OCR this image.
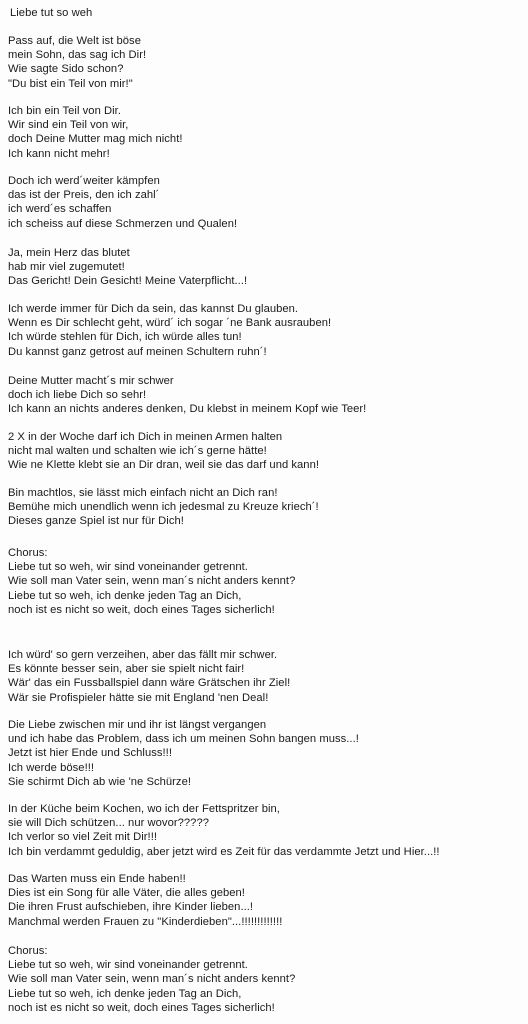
Liebe tut so weh
Pass auf, die Welt ist böse
mein Sohn, das sag ich Dir!
Wie sagte Sido schon?
"Du bist ein Teil von mir!"
Ich bin ein Teil von Dir.
Wir sind ein Teil von wir,
doch Deine Mutter mag mich nicht!
Ich kann nicht mehr!
Doch ich werd´weiter kämpfen
das ist der Preis, den ich zahl´
ich werd´es schaffen
ich scheiss auf diese Schmerzen und Qualen!
Ja, mein Herz das blutet
hab mir viel zugemutet!
Das Gericht! Dein Gesicht! Meine Vaterpflicht...!
Ich werde immer für Dich da sein, das kannst Du glauben.
Wenn es Dir schlecht geht, würd´ ich sogar ´ne Bank ausrauben!
Ich würde stehlen für Dich, ich würde alles tun!
Du kannst ganz getrost auf meinen Schultern ruhn´!
Deine Mutter macht´s mir schwer
doch ich liebe Dich so sehr!
Ich kann an nichts anderes denken, Du klebst in meinem Kopf wie Teer!
2 X in der Woche darf ich Dich in meinen Armen halten
nicht mal walten und schalten wie ich´s gerne hätte!
Wie ne Klette klebt sie an Dir dran, weil sie das darf und kann!
Bin machtlos, sie lässt mich einfach nicht an Dich ran!
Bemühe mich unendlich wenn ich jedesmal zu Kreuze kriech´!
Dieses ganze Spiel ist nur für Dich!
Chorus:
Liebe tut so weh, wir sind voneinander getrennt.
Wie soll man Vater sein, wenn man´s nicht anders kennt?
Liebe tut so weh, ich denke jeden Tag an Dich,
noch ist es nicht so weit, doch eines Tages sicherlich!
Ich würd' so gern verzeihen, aber das fällt mir schwer.
Es könnte besser sein, aber sie spielt nicht fair!
Wär' das ein Fussballspiel dann wäre Grätschen ihr Ziel!
Wär sie Profispieler hätte sie mit England 'nen Deal!
Die Liebe zwischen mir und ihr ist längst vergangen
und ich habe das Problem, dass ich um meinen Sohn bangen muss...!
Jetzt ist hier Ende und Schluss!!!
Ich werde böse!!!
Sie schirmt Dich ab wie 'ne Schürze!
In der Küche beim Kochen, wo ich der Fettspritzer bin,
sie will Dich schützen... nur wovor?????
Ich verlor so viel Zeit mit Dir!!!
Ich bin verdammt geduldig, aber jetzt wird es Zeit für das verdammte Jetzt und Hier...!!
Das Warten muss ein Ende haben!!
Dies ist ein Song für alle Väter, die alles geben!
Die ihren Frust aufschieben, ihre Kinder lieben...!
Manchmal werden Frauen zu "Kinderdieben"...!!!!!!!!!!!!!
Chorus:
Liebe tut so weh, wir sind voneinander getrennt.
Wie soll man Vater sein, wenn man´s nicht anders kennt?
Liebe tut so weh, ich denke jeden Tag an Dich,
noch ist es nicht so weit, doch eines Tages sicherlich!
